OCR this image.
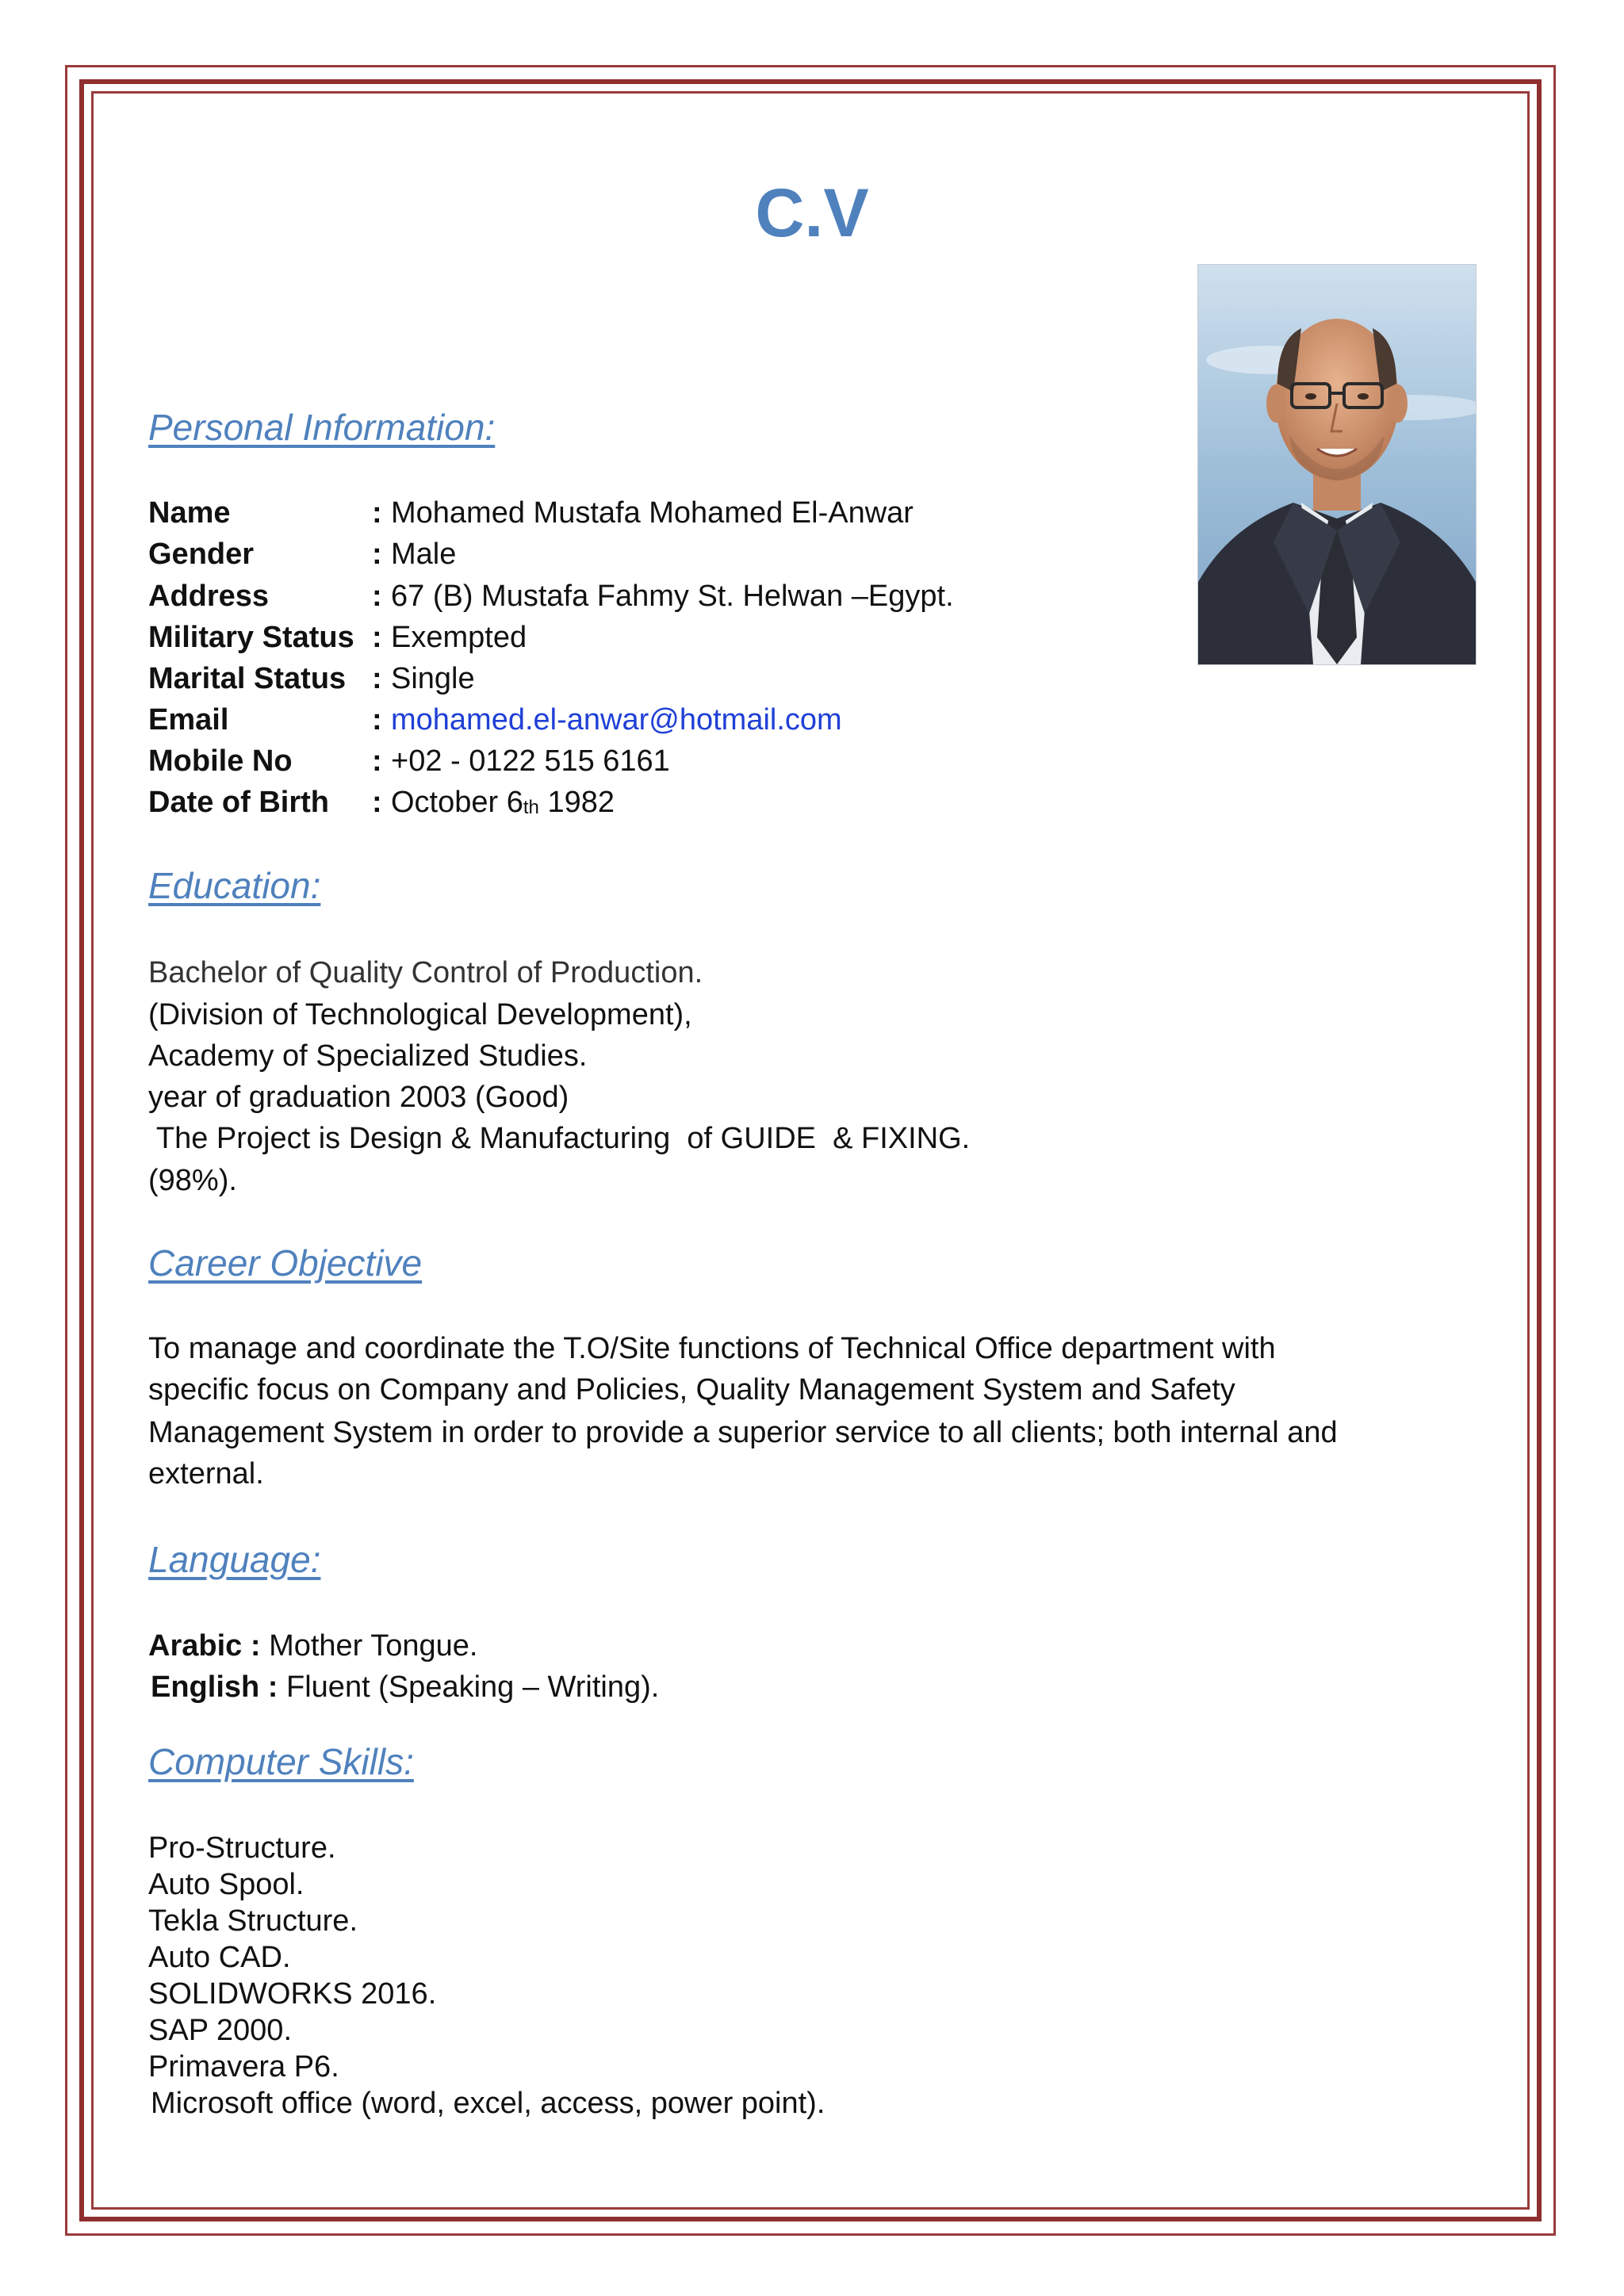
C.V
Personal Information:
Name	: Mohamed Mustafa Mohamed El-Anwar
Gender	: Male
Address	: 67 (B) Mustafa Fahmy St. Helwan –Egypt.
Military Status : Exempted
Marital Status : Single
Email	: mohamed.el-anwar@hotmail.com
Mobile No	: +02 - 0122 515 6161
Date of Birth : October $6_{th}$ 1982
Education:
Bachelor of Quality Control of Production.
(Division of Technological Development),
Academy of Specialized Studies.
year of graduation 2003 (Good)
The Project is Design & Manufacturing  of GUIDE  & FIXING.
(98%).
Career Objective
To manage and coordinate the T.O/Site functions of Technical Office department with
specific focus on Company and Policies, Quality Management System and Safety
Management System in order to provide a superior service to all clients; both internal and
external.
Language:
Arabic : Mother Tongue.
English : Fluent (Speaking – Writing).
Computer Skills:
Pro-Structure.
Auto Spool.
Tekla Structure.
Auto CAD.
SOLIDWORKS 2016.
SAP 2000.
Primavera P6.
Microsoft office (word, excel, access, power point).
